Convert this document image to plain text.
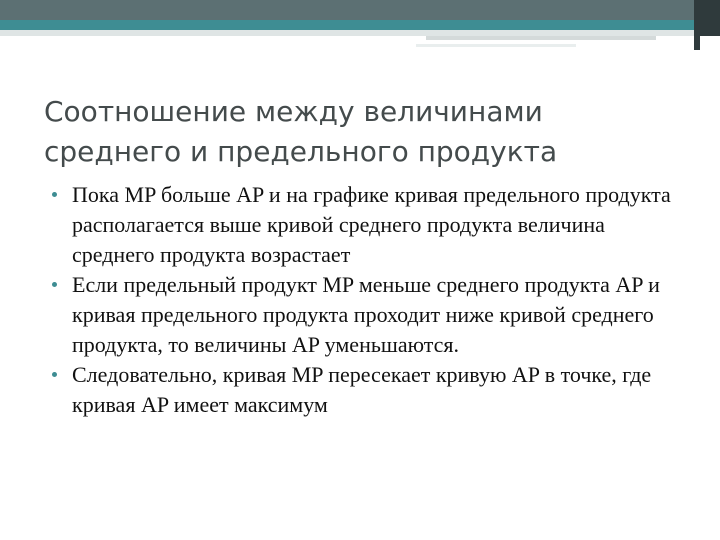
Соотношение между величинами
среднего и предельного продукта
Пока MP больше AP и на графике кривая предельного продукта располагается выше кривой среднего продукта величина среднего продукта возрастает
Если предельный продукт MP меньше среднего продукта AP и кривая предельного продукта проходит ниже кривой среднего продукта, то величины AP уменьшаются.
Следовательно, кривая MP пересекает кривую AP в точке, где кривая AP имеет максимум
